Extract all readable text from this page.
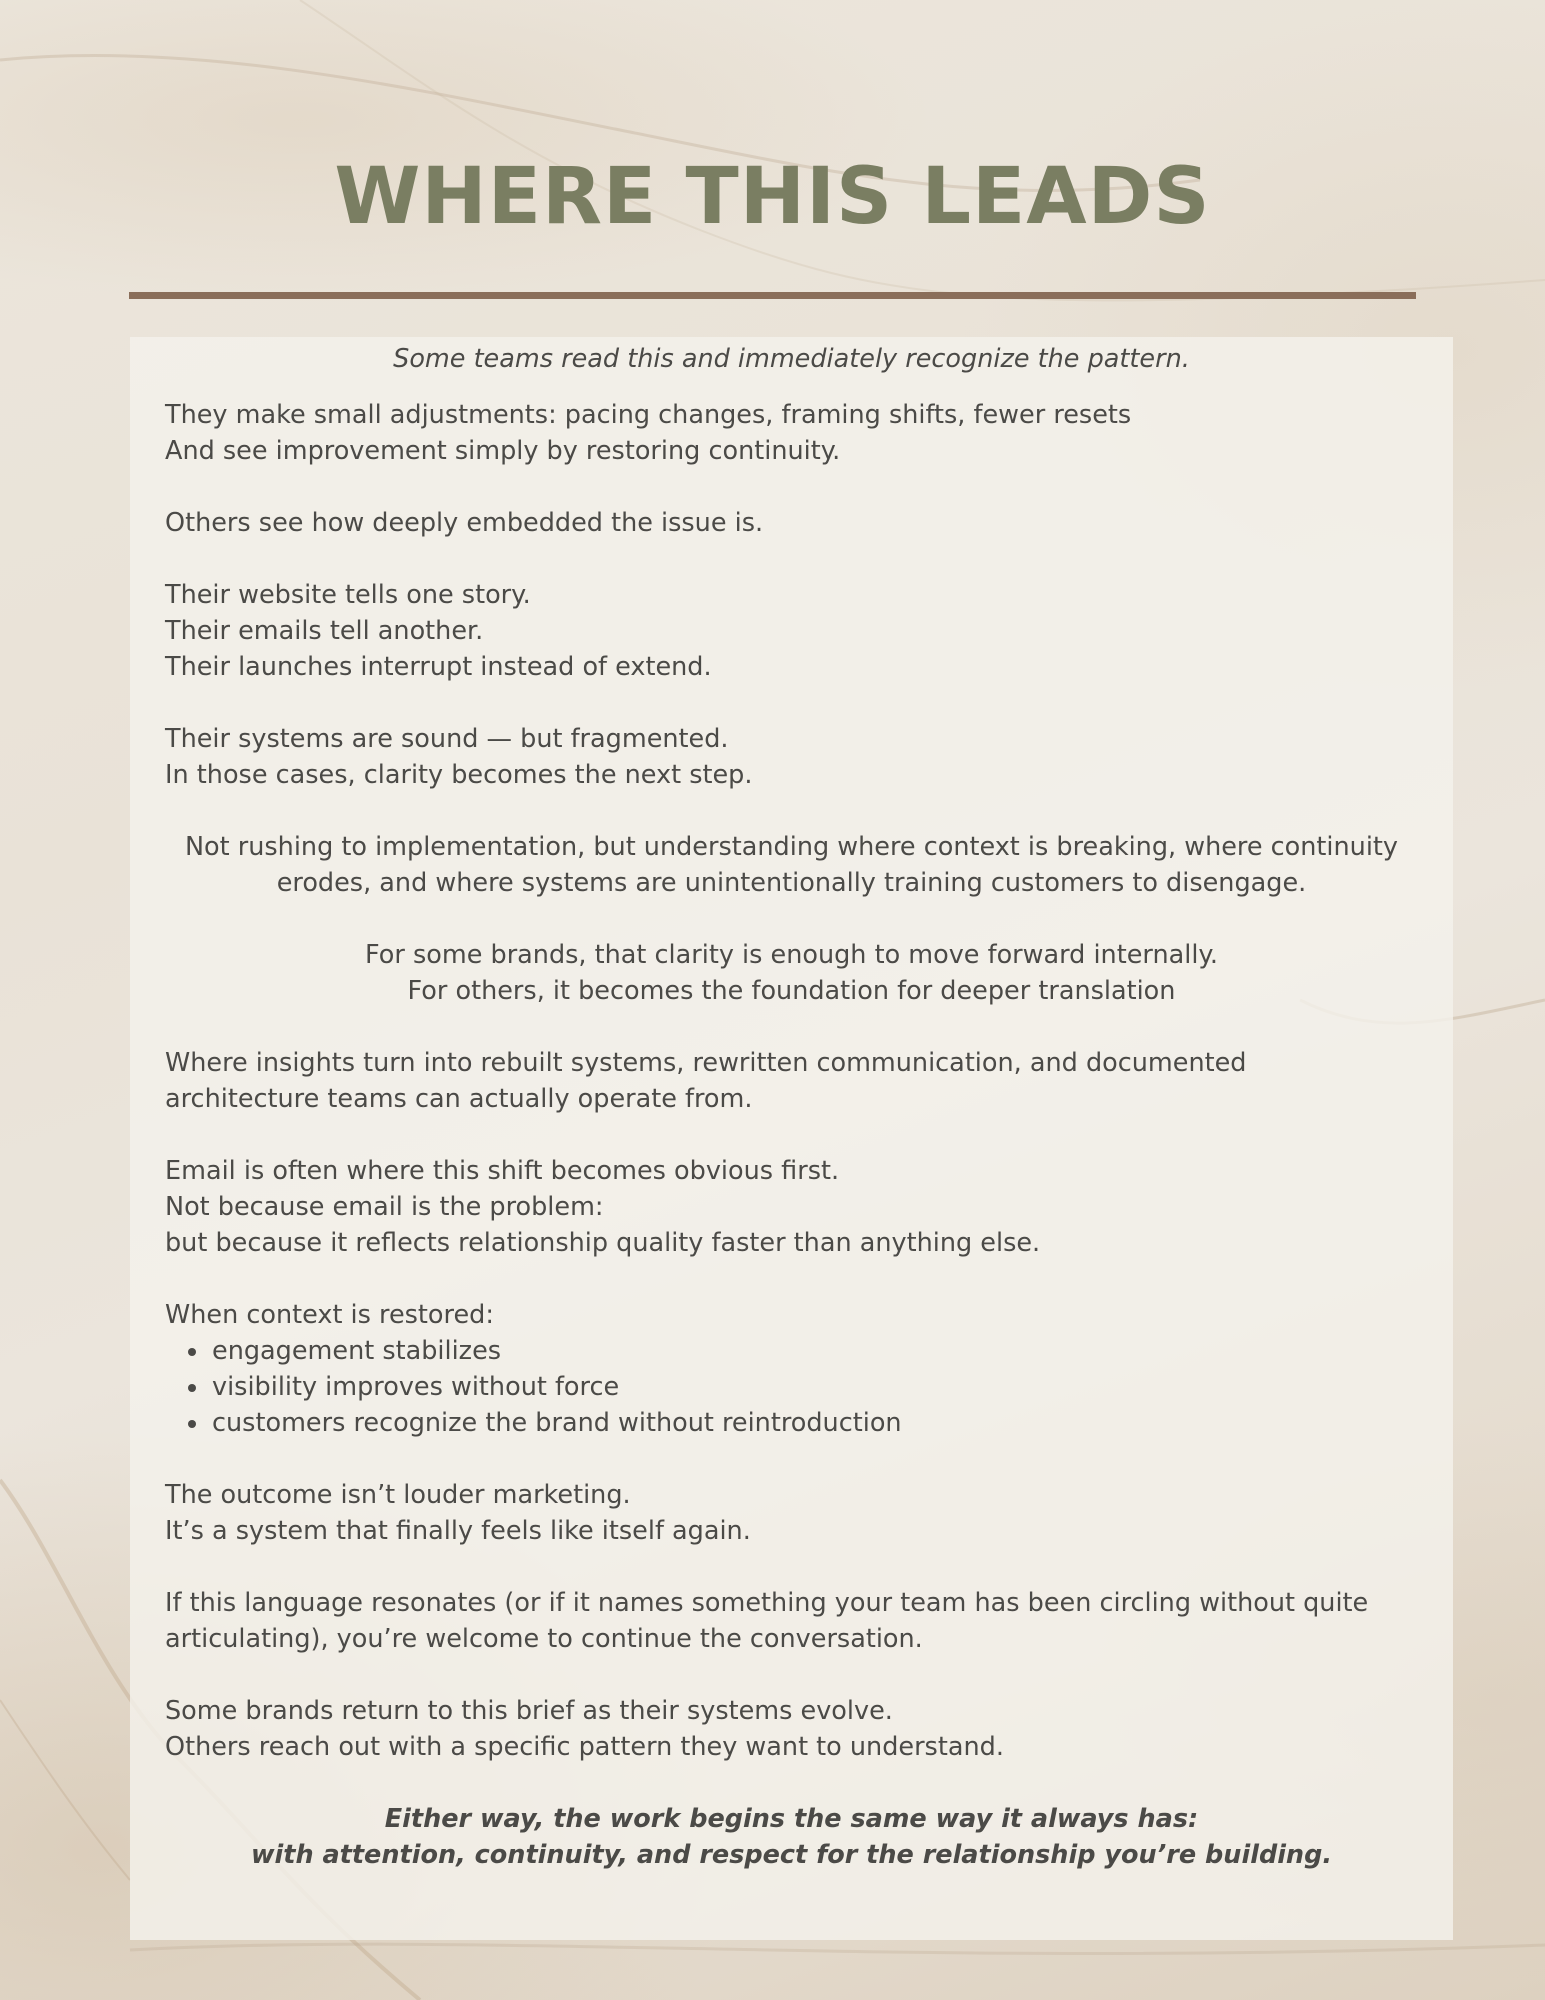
WHERE THIS LEADS

Some teams read this and immediately recognize the pattern.

They make small adjustments: pacing changes, framing shifts, fewer resets

And see improvement simply by restoring continuity.

Others see how deeply embedded the issue is.

Their website tells one story.

Their emails tell another.

Their launches interrupt instead of extend.

Their systems are sound — but fragmented.

In those cases, clarity becomes the next step.

Not rushing to implementation, but understanding where context is breaking, where continuity erodes, and where systems are unintentionally training customers to disengage.

For some brands, that clarity is enough to move forward internally.

For others, it becomes the foundation for deeper translation

Where insights turn into rebuilt systems, rewritten communication, and documented architecture teams can actually operate from.

Email is often where this shift becomes obvious first.

Not because email is the problem:

but because it reflects relationship quality faster than anything else.

When context is restored:

• engagement stabilizes
• visibility improves without force
• customers recognize the brand without reintroduction

The outcome isn’t louder marketing.

It’s a system that finally feels like itself again.

If this language resonates (or if it names something your team has been circling without quite articulating), you’re welcome to continue the conversation.

Some brands return to this brief as their systems evolve.

Others reach out with a specific pattern they want to understand.

Either way, the work begins the same way it always has:

with attention, continuity, and respect for the relationship you’re building.
